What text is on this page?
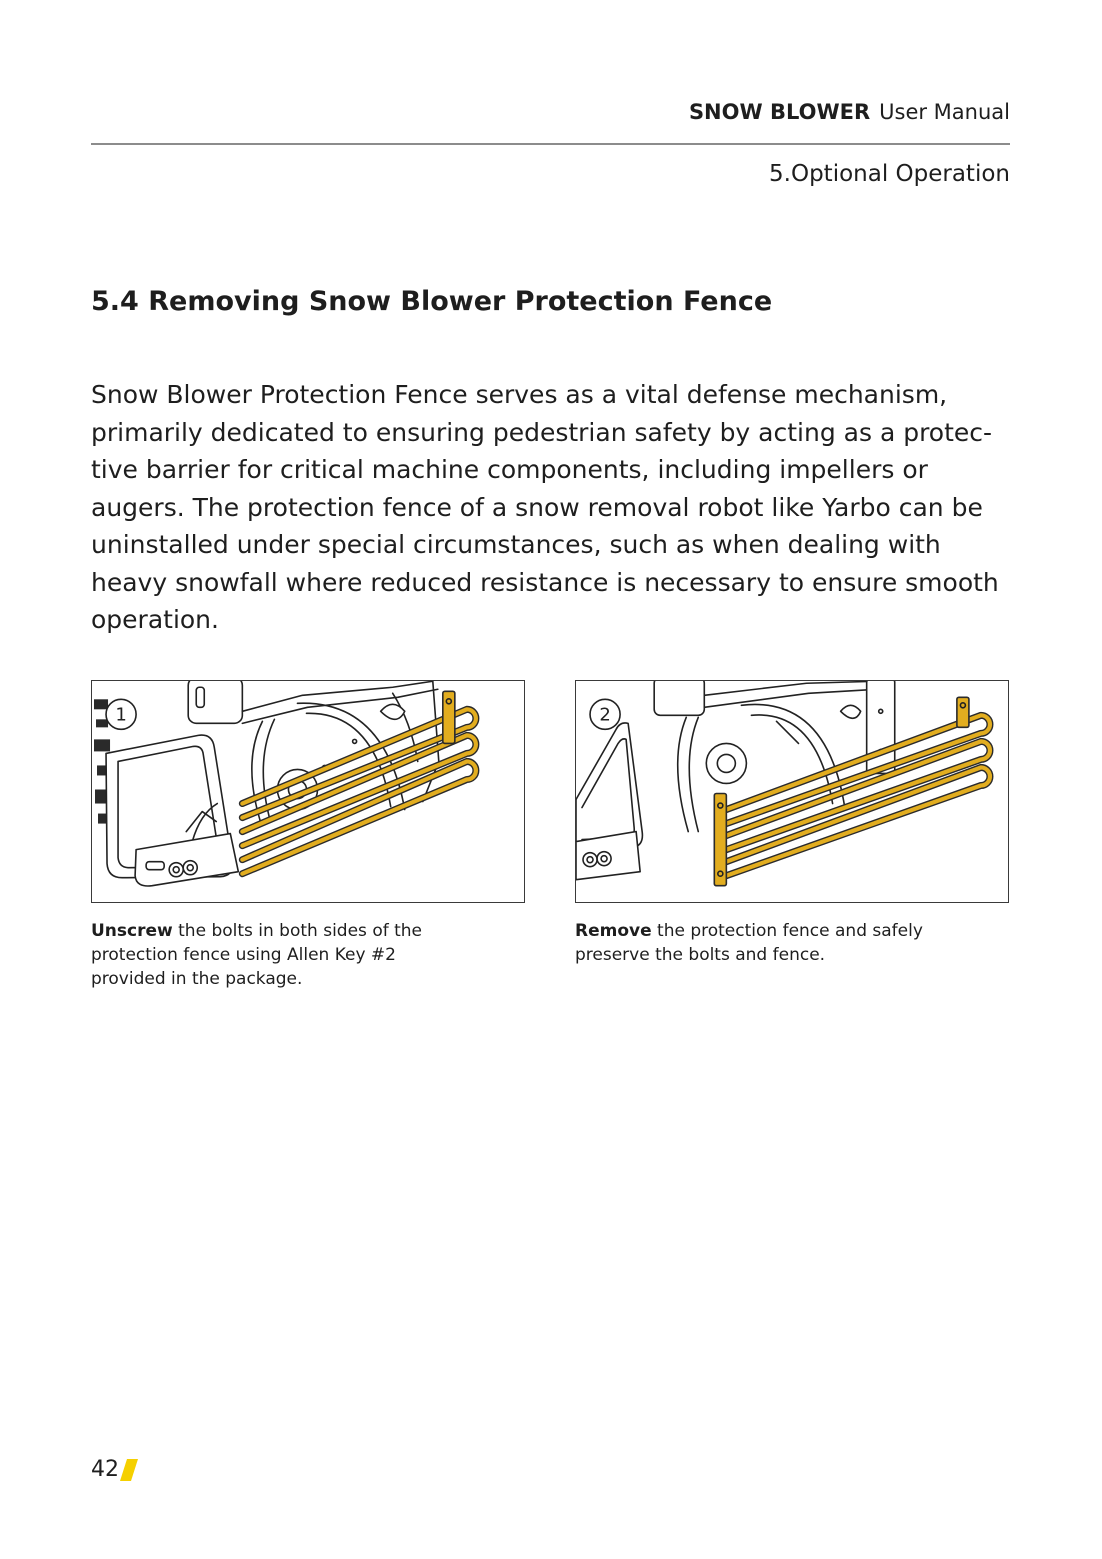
SNOW BLOWER User Manual
5.Optional Operation
5.4 Removing Snow Blower Protection Fence
Snow Blower Protection Fence serves as a vital defense mechanism,
primarily dedicated to ensuring pedestrian safety by acting as a protec-
tive barrier for critical machine components, including impellers or
augers. The protection fence of a snow removal robot like Yarbo can be
uninstalled under special circumstances, such as when dealing with
heavy snowfall where reduced resistance is necessary to ensure smooth
operation.
1	2
Unscrew the bolts in both sides of the
protection fence using Allen Key #2
provided in the package.
Remove the protection fence and safely
preserve the bolts and fence.
42
